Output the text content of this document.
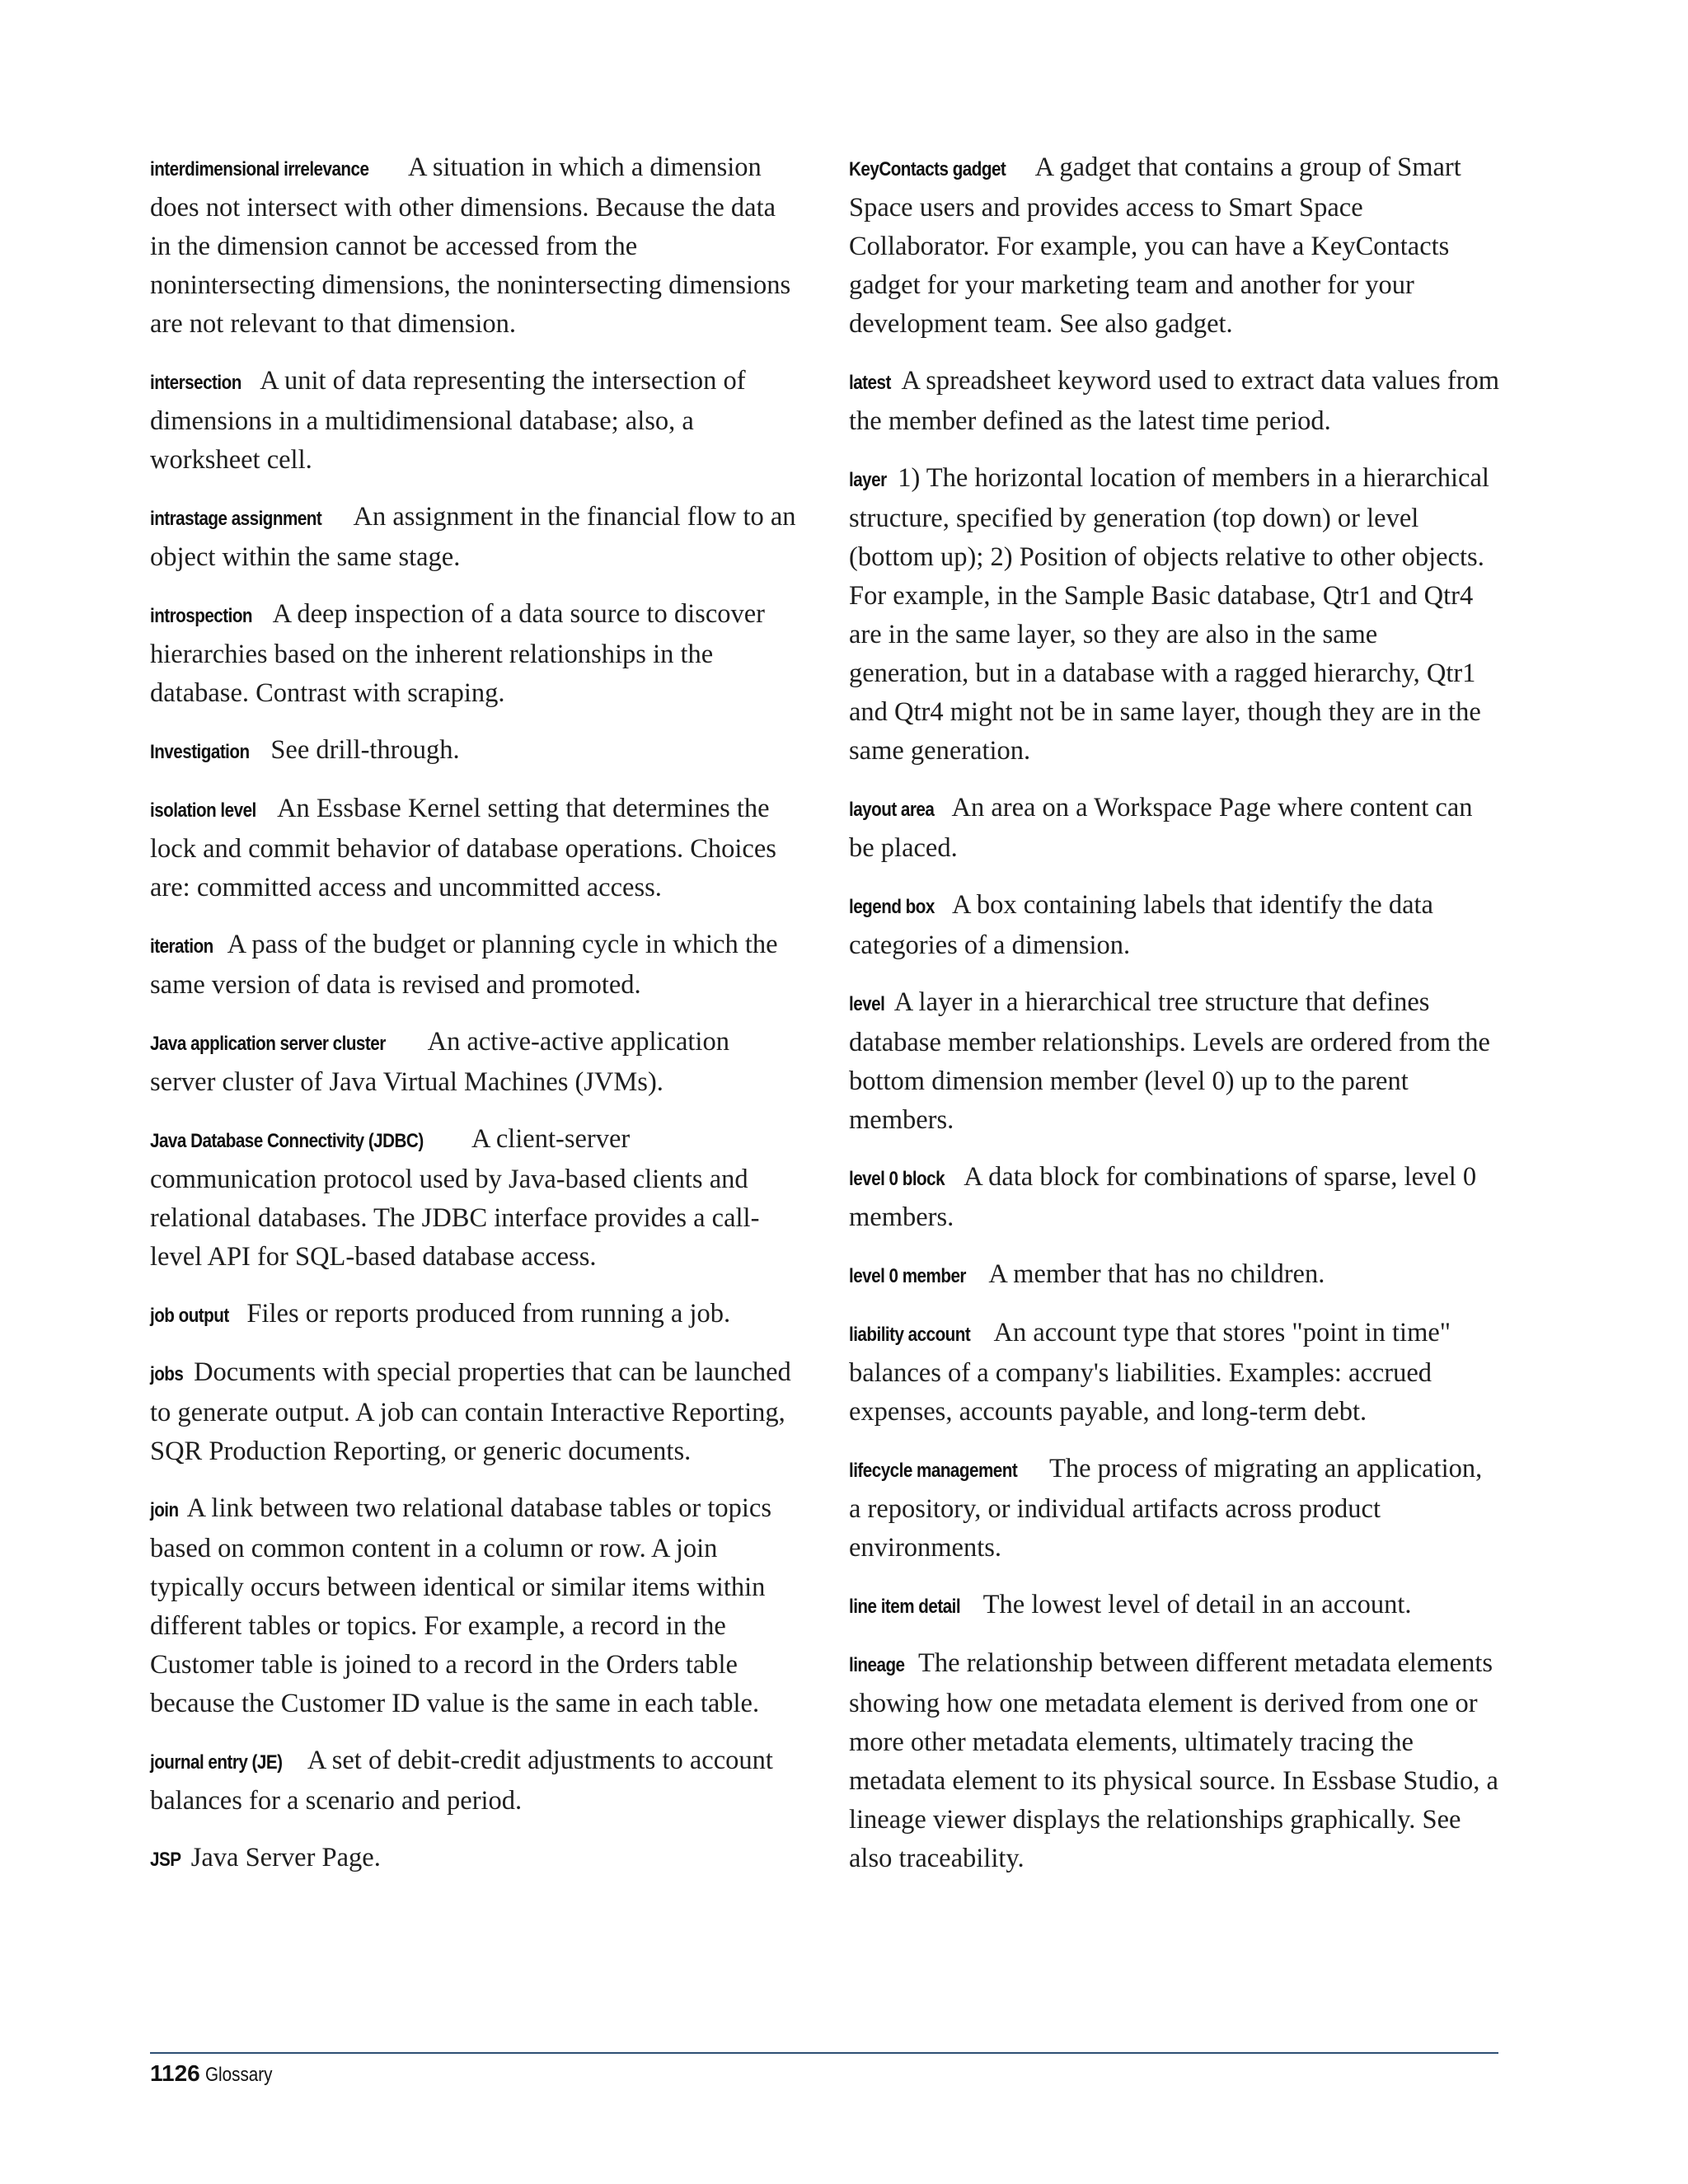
interdimensional irrelevance A situation in which a dimension does not intersect with other dimensions. Because the data in the dimension cannot be accessed from the nonintersecting dimensions, the nonintersecting dimensions are not relevant to that dimension.

intersection A unit of data representing the intersection of dimensions in a multidimensional database; also, a worksheet cell.

intrastage assignment An assignment in the financial flow to an object within the same stage.

introspection A deep inspection of a data source to discover hierarchies based on the inherent relationships in the database. Contrast with scraping.

Investigation See drill-through.

isolation level An Essbase Kernel setting that determines the lock and commit behavior of database operations. Choices are: committed access and uncommitted access.

iteration A pass of the budget or planning cycle in which the same version of data is revised and promoted.

Java application server cluster An active-active application server cluster of Java Virtual Machines (JVMs).

Java Database Connectivity (JDBC) A client-server communication protocol used by Java-based clients and relational databases. The JDBC interface provides a call-level API for SQL-based database access.

job output Files or reports produced from running a job.

jobs Documents with special properties that can be launched to generate output. A job can contain Interactive Reporting, SQR Production Reporting, or generic documents.

join A link between two relational database tables or topics based on common content in a column or row. A join typically occurs between identical or similar items within different tables or topics. For example, a record in the Customer table is joined to a record in the Orders table because the Customer ID value is the same in each table.

journal entry (JE) A set of debit-credit adjustments to account balances for a scenario and period.

JSP Java Server Page.

KeyContacts gadget A gadget that contains a group of Smart Space users and provides access to Smart Space Collaborator. For example, you can have a KeyContacts gadget for your marketing team and another for your development team. See also gadget.

latest A spreadsheet keyword used to extract data values from the member defined as the latest time period.

layer 1) The horizontal location of members in a hierarchical structure, specified by generation (top down) or level (bottom up); 2) Position of objects relative to other objects. For example, in the Sample Basic database, Qtr1 and Qtr4 are in the same layer, so they are also in the same generation, but in a database with a ragged hierarchy, Qtr1 and Qtr4 might not be in same layer, though they are in the same generation.

layout area An area on a Workspace Page where content can be placed.

legend box A box containing labels that identify the data categories of a dimension.

level A layer in a hierarchical tree structure that defines database member relationships. Levels are ordered from the bottom dimension member (level 0) up to the parent members.

level 0 block A data block for combinations of sparse, level 0 members.

level 0 member A member that has no children.

liability account An account type that stores "point in time" balances of a company's liabilities. Examples: accrued expenses, accounts payable, and long-term debt.

lifecycle management The process of migrating an application, a repository, or individual artifacts across product environments.

line item detail The lowest level of detail in an account.

lineage The relationship between different metadata elements showing how one metadata element is derived from one or more other metadata elements, ultimately tracing the metadata element to its physical source. In Essbase Studio, a lineage viewer displays the relationships graphically. See also traceability.

1126 Glossary
